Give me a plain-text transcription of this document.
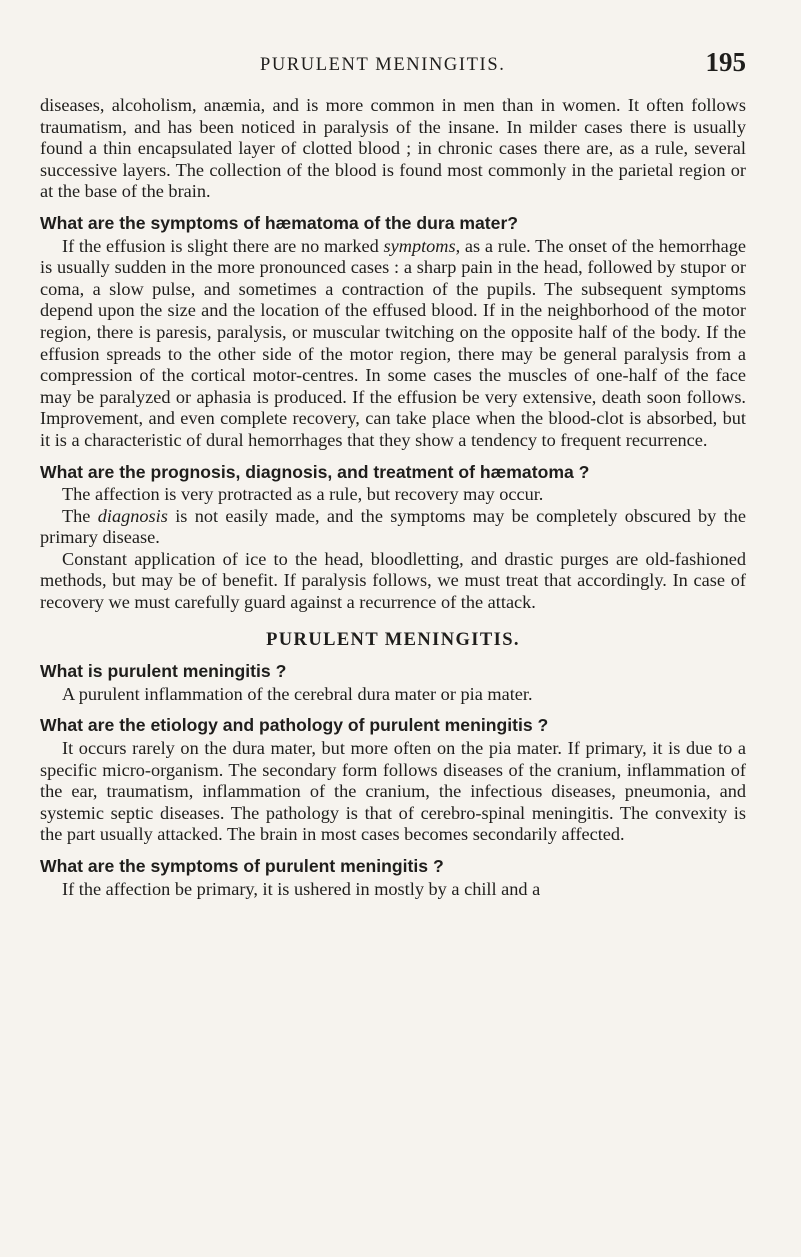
PURULENT MENINGITIS.	195

diseases, alcoholism, anæmia, and is more common in men than in women. It often follows traumatism, and has been noticed in paralysis of the insane. In milder cases there is usually found a thin encapsulated layer of clotted blood ; in chronic cases there are, as a rule, several successive layers. The collection of the blood is found most commonly in the parietal region or at the base of the brain.

What are the symptoms of hæmatoma of the dura mater?

If the effusion is slight there are no marked symptoms, as a rule. The onset of the hemorrhage is usually sudden in the more pronounced cases : a sharp pain in the head, followed by stupor or coma, a slow pulse, and sometimes a contraction of the pupils. The subsequent symptoms depend upon the size and the location of the effused blood. If in the neighborhood of the motor region, there is paresis, paralysis, or muscular twitching on the opposite half of the body. If the effusion spreads to the other side of the motor region, there may be general paralysis from a compression of the cortical motor-centres. In some cases the muscles of one-half of the face may be paralyzed or aphasia is produced. If the effusion be very extensive, death soon follows. Improvement, and even complete recovery, can take place when the blood-clot is absorbed, but it is a characteristic of dural hemorrhages that they show a tendency to frequent recurrence.

What are the prognosis, diagnosis, and treatment of hæmatoma ?

The affection is very protracted as a rule, but recovery may occur.

The diagnosis is not easily made, and the symptoms may be completely obscured by the primary disease.

Constant application of ice to the head, bloodletting, and drastic purges are old-fashioned methods, but may be of benefit. If paralysis follows, we must treat that accordingly. In case of recovery we must carefully guard against a recurrence of the attack.

PURULENT MENINGITIS.
What is purulent meningitis ?

A purulent inflammation of the cerebral dura mater or pia mater.

What are the etiology and pathology of purulent meningitis ?

It occurs rarely on the dura mater, but more often on the pia mater. If primary, it is due to a specific micro-organism. The secondary form follows diseases of the cranium, inflammation of the ear, traumatism, inflammation of the cranium, the infectious diseases, pneumonia, and systemic septic diseases. The pathology is that of cerebro-spinal meningitis. The convexity is the part usually attacked. The brain in most cases becomes secondarily affected.

What are the symptoms of purulent meningitis ?

If the affection be primary, it is ushered in mostly by a chill and a
